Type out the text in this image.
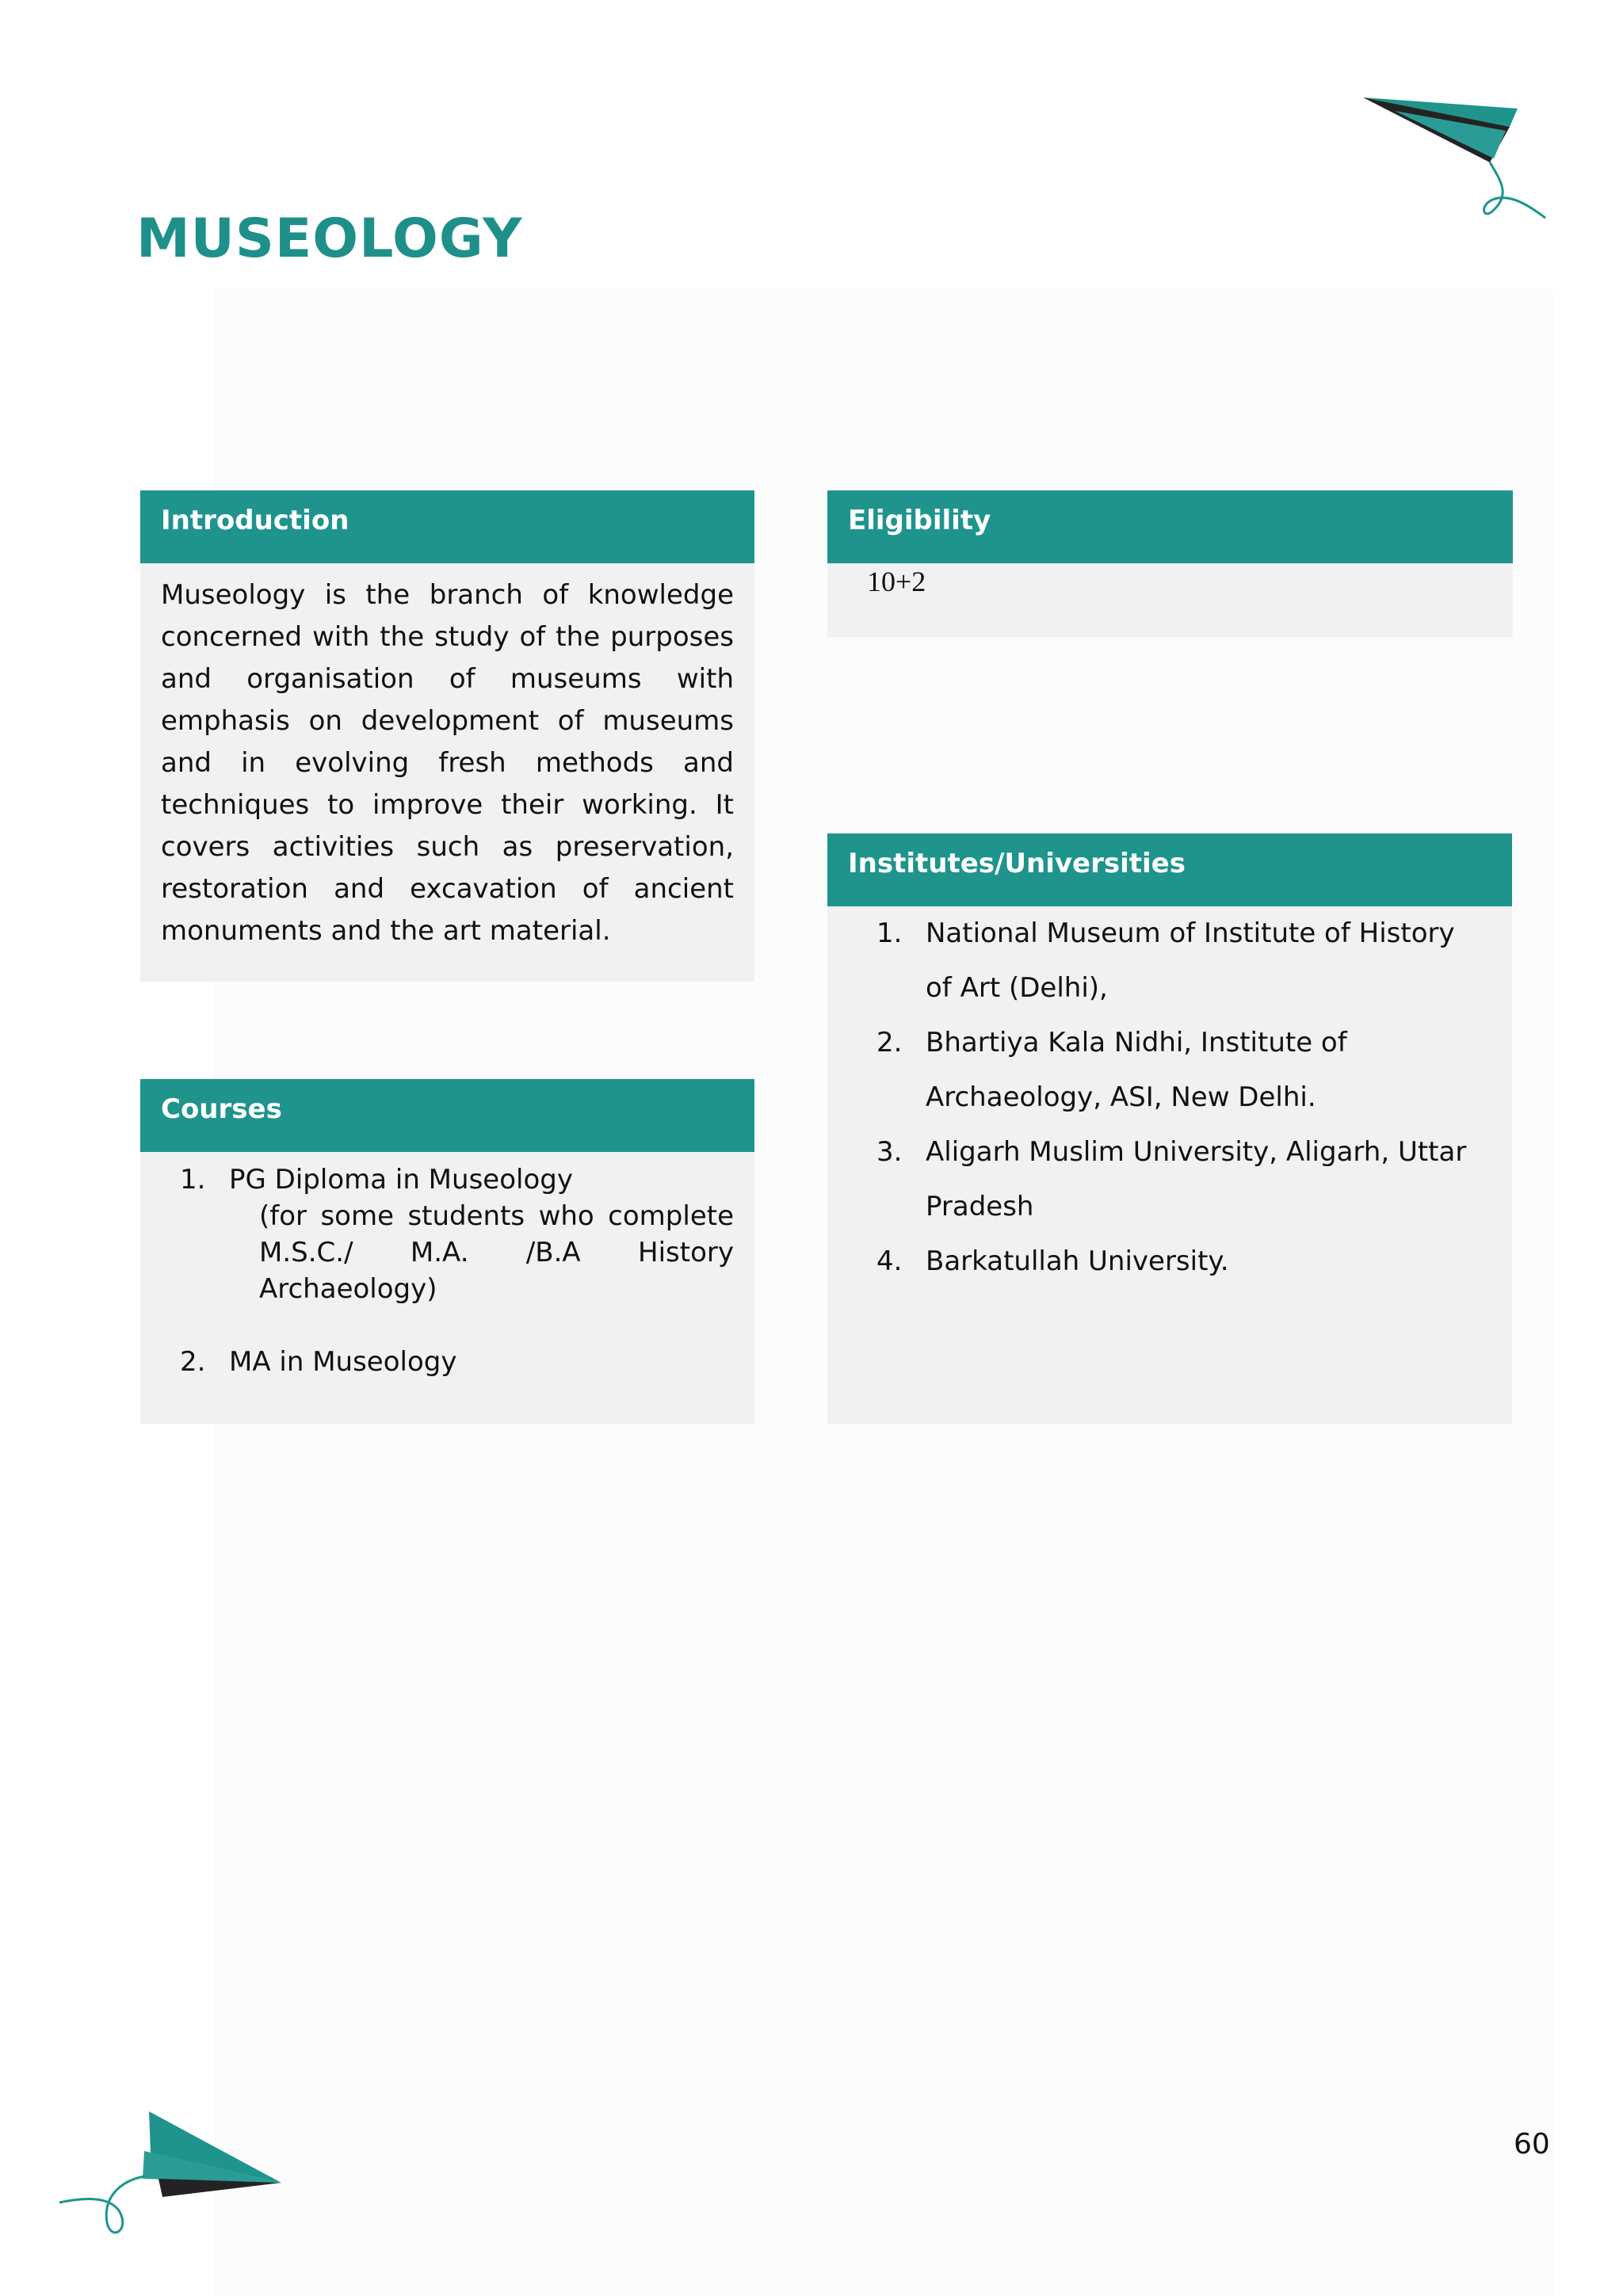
MUSEOLOGY
Introduction
Museology is the branch of knowledge concerned with the study of the purposes and organisation of museums with emphasis on development of museums and in evolving fresh methods and techniques to improve their working. It covers activities such as preservation, restoration and excavation of ancient monuments and the art material.
Eligibility
10+2
Institutes/Universities
1. National Museum of Institute of History of Art (Delhi),
2. Bhartiya Kala Nidhi, Institute of Archaeology, ASI, New Delhi.
3. Aligarh Muslim University, Aligarh, Uttar Pradesh
4. Barkatullah University.
Courses
1. PG Diploma in Museology
(for some students who complete M.S.C./ M.A. /B.A History Archaeology)
2. MA in Museology
60
